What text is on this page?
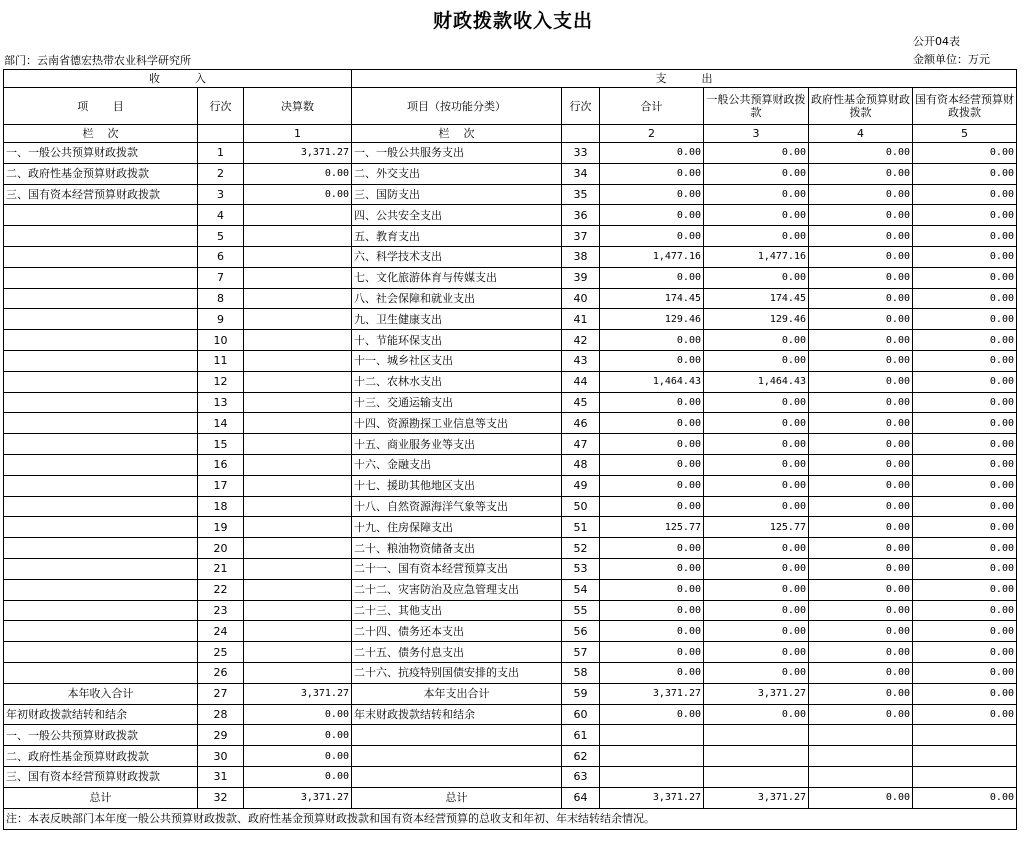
财政拨款收入支出
公开04表
金额单位：万元
部门：云南省德宏热带农业科学研究所
收          入			支          出					
项       目	行次	决算数	项目（按功能分类）	行次	合计	一般公共预算财政拨款	政府性基金预算财政拨款	国有资本经营预算财政拨款
栏    次		1	栏    次		2	3	4	5
一、一般公共预算财政拨款	1	3,371.27	一、一般公共服务支出	33	0.00	0.00	0.00	0.00
二、政府性基金预算财政拨款	2	0.00	二、外交支出	34	0.00	0.00	0.00	0.00
三、国有资本经营预算财政拨款	3	0.00	三、国防支出	35	0.00	0.00	0.00	0.00
	4		四、公共安全支出	36	0.00	0.00	0.00	0.00
	5		五、教育支出	37	0.00	0.00	0.00	0.00
	6		六、科学技术支出	38	1,477.16	1,477.16	0.00	0.00
	7		七、文化旅游体育与传媒支出	39	0.00	0.00	0.00	0.00
	8		八、社会保障和就业支出	40	174.45	174.45	0.00	0.00
	9		九、卫生健康支出	41	129.46	129.46	0.00	0.00
	10		十、节能环保支出	42	0.00	0.00	0.00	0.00
	11		十一、城乡社区支出	43	0.00	0.00	0.00	0.00
	12		十二、农林水支出	44	1,464.43	1,464.43	0.00	0.00
	13		十三、交通运输支出	45	0.00	0.00	0.00	0.00
	14		十四、资源勘探工业信息等支出	46	0.00	0.00	0.00	0.00
	15		十五、商业服务业等支出	47	0.00	0.00	0.00	0.00
	16		十六、金融支出	48	0.00	0.00	0.00	0.00
	17		十七、援助其他地区支出	49	0.00	0.00	0.00	0.00
	18		十八、自然资源海洋气象等支出	50	0.00	0.00	0.00	0.00
	19		十九、住房保障支出	51	125.77	125.77	0.00	0.00
	20		二十、粮油物资储备支出	52	0.00	0.00	0.00	0.00
	21		二十一、国有资本经营预算支出	53	0.00	0.00	0.00	0.00
	22		二十二、灾害防治及应急管理支出	54	0.00	0.00	0.00	0.00
	23		二十三、其他支出	55	0.00	0.00	0.00	0.00
	24		二十四、债务还本支出	56	0.00	0.00	0.00	0.00
	25		二十五、债务付息支出	57	0.00	0.00	0.00	0.00
	26		二十六、抗疫特别国债安排的支出	58	0.00	0.00	0.00	0.00
本年收入合计	27	3,371.27	本年支出合计	59	3,371.27	3,371.27	0.00	0.00
年初财政拨款结转和结余	28	0.00	年末财政拨款结转和结余	60	0.00	0.00	0.00	0.00
一、一般公共预算财政拨款	29	0.00		61				
二、政府性基金预算财政拨款	30	0.00		62				
三、国有资本经营预算财政拨款	31	0.00		63				
总计	32	3,371.27	总计	64	3,371.27	3,371.27	0.00	0.00
注：本表反映部门本年度一般公共预算财政拨款、政府性基金预算财政拨款和国有资本经营预算的总收支和年初、年末结转结余情况。								
